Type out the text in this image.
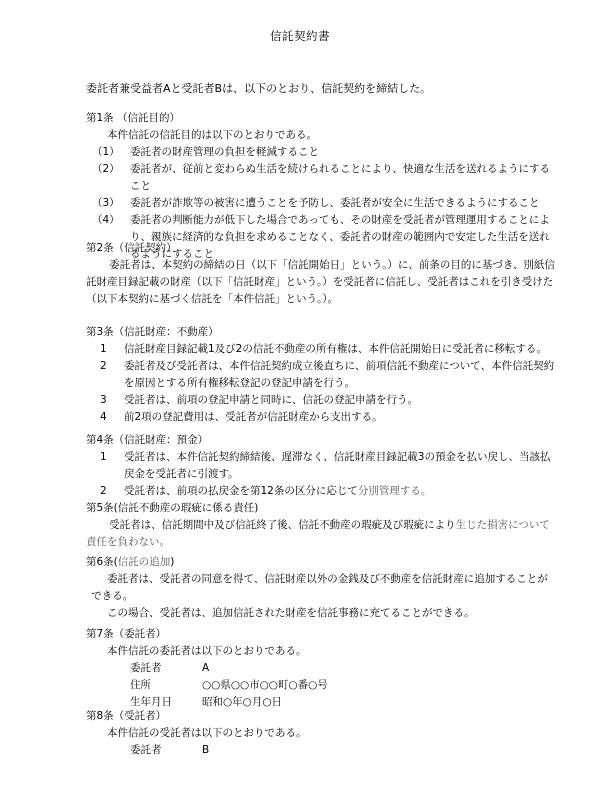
信託契約書
委託者兼受益者Aと受託者Bは、以下のとおり、信託契約を締結した。
第1条 （信託目的）
本件信託の信託目的は以下のとおりである。
（1） 委託者の財産管理の負担を軽減すること
（2） 委託者が、従前と変わらぬ生活を続けられることにより、快適な生活を送れるようにすること
（3） 委託者が詐欺等の被害に遭うことを予防し、委託者が安全に生活できるようにすること
（4） 委託者の判断能力が低下した場合であっても、その財産を受託者が管理運用することにより、親族に経済的な負担を求めることなく、委託者の財産の範囲内で安定した生活を送れるようにすること
第2条（信託契約）
委託者は、本契約の締結の日（以下「信託開始日」という。）に、前条の目的に基づき、別紙信託財産目録記載の財産（以下「信託財産」という。）を受託者に信託し、受託者はこれを引き受けた（以下本契約に基づく信託を「本件信託」という。）。
第3条（信託財産：不動産）
1	信託財産目録記載1及び2の信託不動産の所有権は、本件信託開始日に受託者に移転する。
2	委託者及び受託者は、本件信託契約成立後直ちに、前項信託不動産について、本件信託契約を原因とする所有権移転登記の登記申請を行う。
3	受託者は、前項の登記申請と同時に、信託の登記申請を行う。
4	前2項の登記費用は、受託者が信託財産から支出する。
第4条（信託財産：預金）
1	受託者は、本件信託契約締結後、遅滞なく、信託財産目録記載3の預金を払い戻し、当該払戻金を受託者に引渡す。
2	受託者は、前項の払戻金を第12条の区分に応じて分別管理する。
第5条(信託不動産の瑕疵に係る責任)
受託者は、信託期間中及び信託終了後、信託不動産の瑕疵及び瑕疵により生じた損害について責任を負わない。
第6条(信託の追加)
委託者は、受託者の同意を得て、信託財産以外の金銭及び不動産を信託財産に追加することができる。
この場合、受託者は、追加信託された財産を信託事務に充てることができる。
第7条（委託者）
本件信託の委託者は以下のとおりである。
委託者	A
住所	○○県○○市○○町○番○号
生年月日	昭和○年○月○日
第8条（受託者）
本件信託の受託者は以下のとおりである。
委託者	B
